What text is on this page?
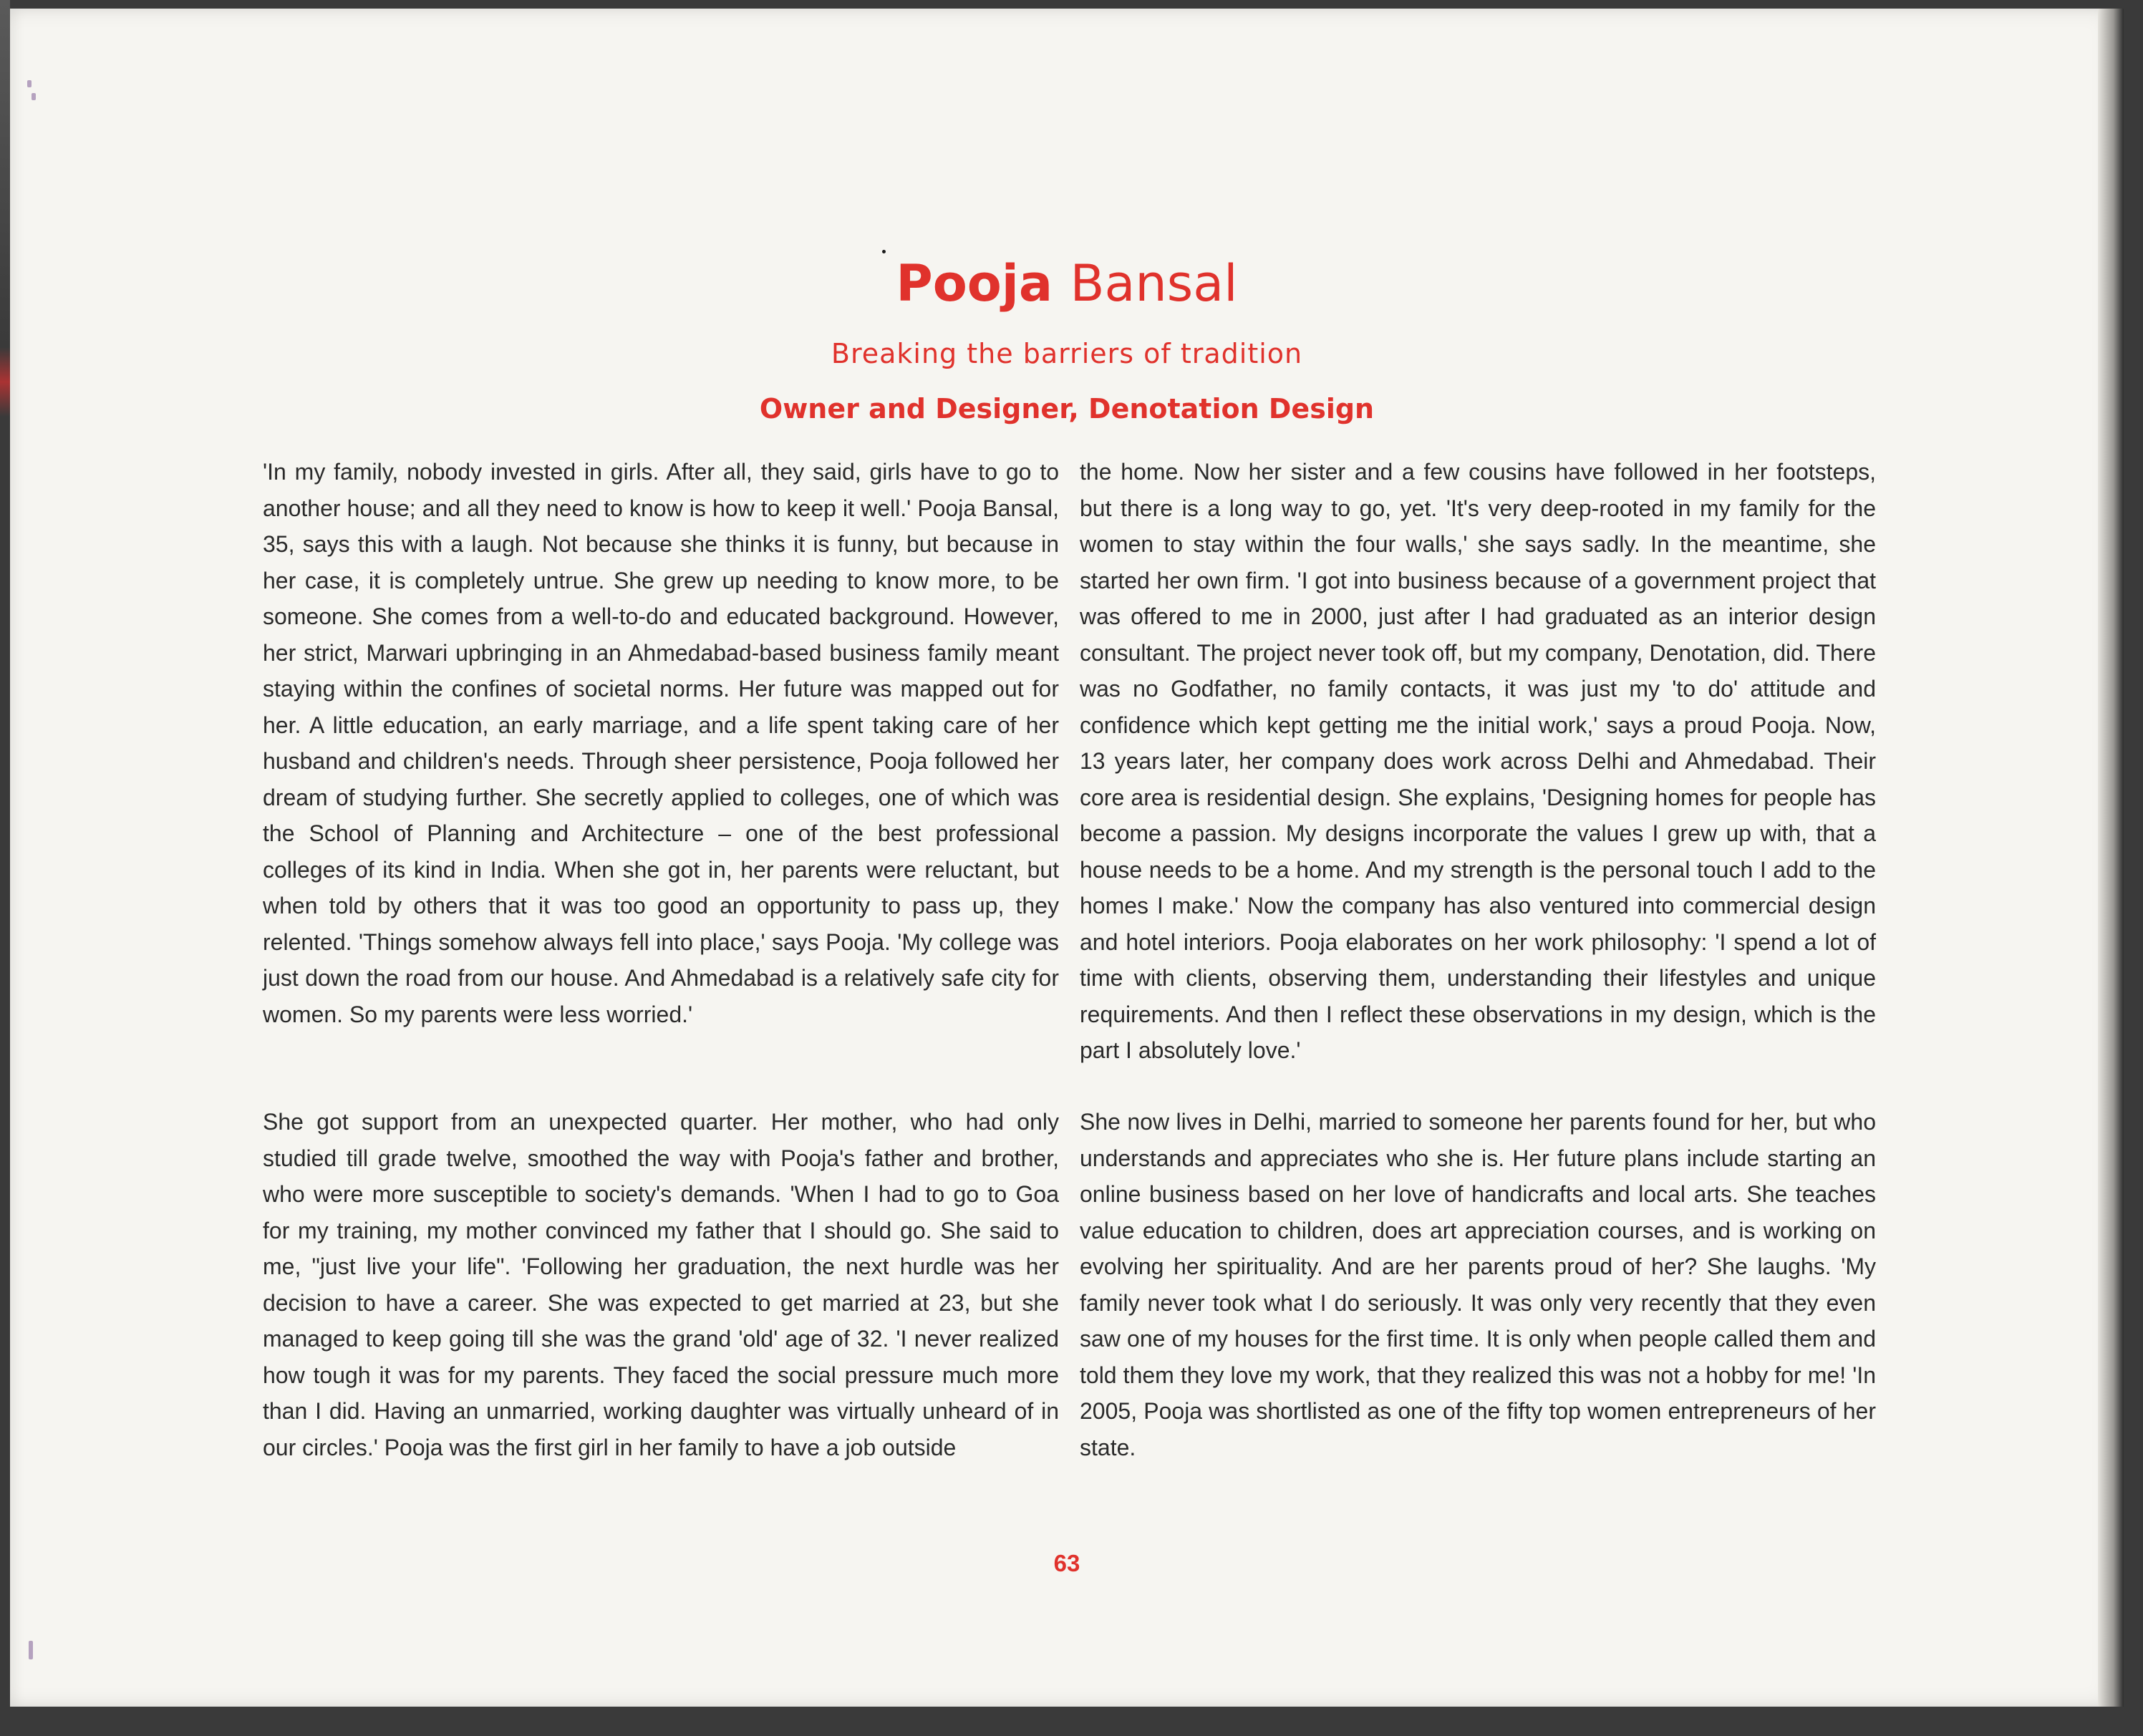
Pooja Bansal
Breaking the barriers of tradition
Owner and Designer, Denotation Design

'In my family, nobody invested in girls. After all, they said, girls have to go to another house; and all they need to know is how to keep it well.' Pooja Bansal, 35, says this with a laugh. Not because she thinks it is funny, but because in her case, it is completely untrue. She grew up needing to know more, to be someone. She comes from a well-to-do and educated background. However, her strict, Marwari upbringing in an Ahmedabad-based business family meant staying within the confines of societal norms. Her future was mapped out for her. A little education, an early marriage, and a life spent taking care of her husband and children's needs. Through sheer persistence, Pooja followed her dream of studying further. She secretly applied to colleges, one of which was the School of Planning and Architecture – one of the best professional colleges of its kind in India. When she got in, her parents were reluctant, but when told by others that it was too good an opportunity to pass up, they relented. 'Things somehow always fell into place,' says Pooja. 'My college was just down the road from our house. And Ahmedabad is a relatively safe city for women. So my parents were less worried.'

the home. Now her sister and a few cousins have followed in her footsteps, but there is a long way to go, yet. 'It's very deep-rooted in my family for the women to stay within the four walls,' she says sadly. In the meantime, she started her own firm. 'I got into business because of a government project that was offered to me in 2000, just after I had graduated as an interior design consultant. The project never took off, but my company, Denotation, did. There was no Godfather, no family contacts, it was just my 'to do' attitude and confidence which kept getting me the initial work,' says a proud Pooja. Now, 13 years later, her company does work across Delhi and Ahmedabad. Their core area is residential design. She explains, 'Designing homes for people has become a passion. My designs incorporate the values I grew up with, that a house needs to be a home. And my strength is the personal touch I add to the homes I make.' Now the company has also ventured into commercial design and hotel interiors. Pooja elaborates on her work philosophy: 'I spend a lot of time with clients, observing them, understanding their lifestyles and unique requirements. And then I reflect these observations in my design, which is the part I absolutely love.'

She got support from an unexpected quarter. Her mother, who had only studied till grade twelve, smoothed the way with Pooja's father and brother, who were more susceptible to society's demands. 'When I had to go to Goa for my training, my mother convinced my father that I should go. She said to me, "just live your life". 'Following her graduation, the next hurdle was her decision to have a career. She was expected to get married at 23, but she managed to keep going till she was the grand 'old' age of 32. 'I never realized how tough it was for my parents. They faced the social pressure much more than I did. Having an unmarried, working daughter was virtually unheard of in our circles.' Pooja was the first girl in her family to have a job outside

She now lives in Delhi, married to someone her parents found for her, but who understands and appreciates who she is. Her future plans include starting an online business based on her love of handicrafts and local arts. She teaches value education to children, does art appreciation courses, and is working on evolving her spirituality. And are her parents proud of her? She laughs. 'My family never took what I do seriously. It was only very recently that they even saw one of my houses for the first time. It is only when people called them and told them they love my work, that they realized this was not a hobby for me! 'In 2005, Pooja was shortlisted as one of the fifty top women entrepreneurs of her state.

63
